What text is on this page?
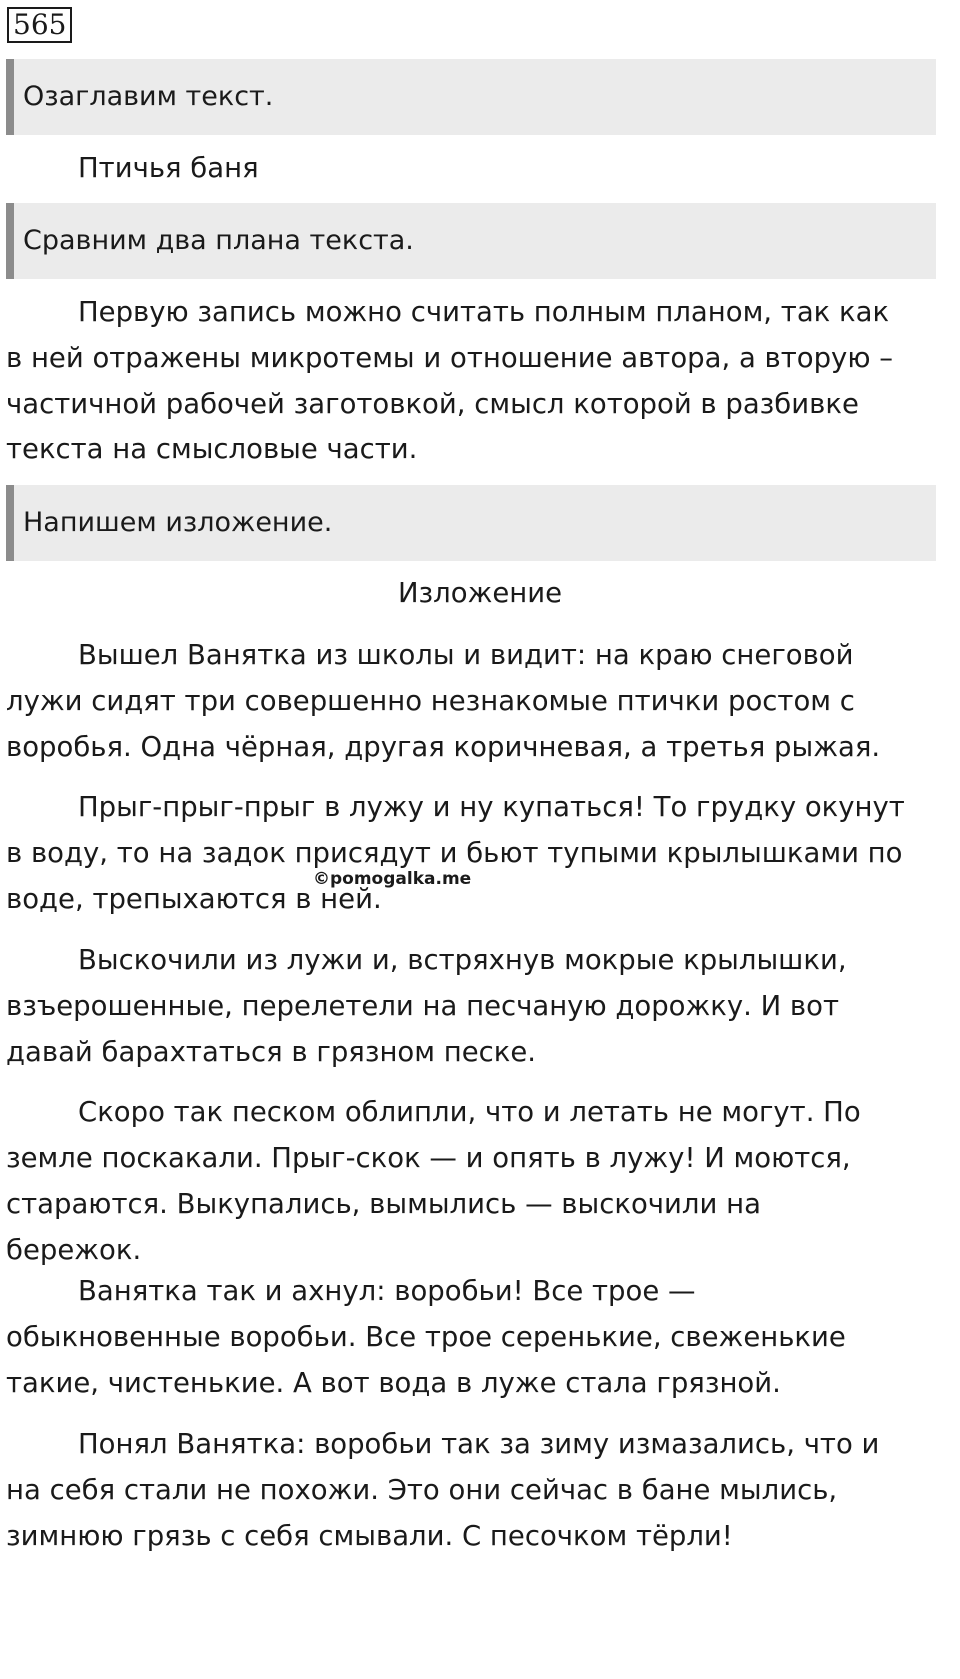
565
Озаглавим текст.
Птичья баня
Сравним два плана текста.
Первую запись можно считать полным планом, так как
в ней отражены микротемы и отношение автора, а вторую –
частичной рабочей заготовкой, смысл которой в разбивке
текста на смысловые части.
Напишем изложение.
Изложение
Вышел Ванятка из школы и видит: на краю снеговой
лужи сидят три совершенно незнакомые птички ростом с
воробья. Одна чёрная, другая коричневая, а третья рыжая.
Прыг-прыг-прыг в лужу и ну купаться! То грудку окунут
в воду, то на задок присядут и бьют тупыми крылышками по
воде, трепыхаются в ней.
©pomogalka.me
Выскочили из лужи и, встряхнув мокрые крылышки,
взъерошенные, перелетели на песчаную дорожку. И вот
давай барахтаться в грязном песке.
Скоро так песком облипли, что и летать не могут. По
земле поскакали. Прыг-скок — и опять в лужу! И моются,
стараются. Выкупались, вымылись — выскочили на
бережок.
Ванятка так и ахнул: воробьи! Все трое —
обыкновенные воробьи. Все трое серенькие, свеженькие
такие, чистенькие. А вот вода в луже стала грязной.
Понял Ванятка: воробьи так за зиму измазались, что и
на себя стали не похожи. Это они сейчас в бане мылись,
зимнюю грязь с себя смывали. С песочком тёрли!
